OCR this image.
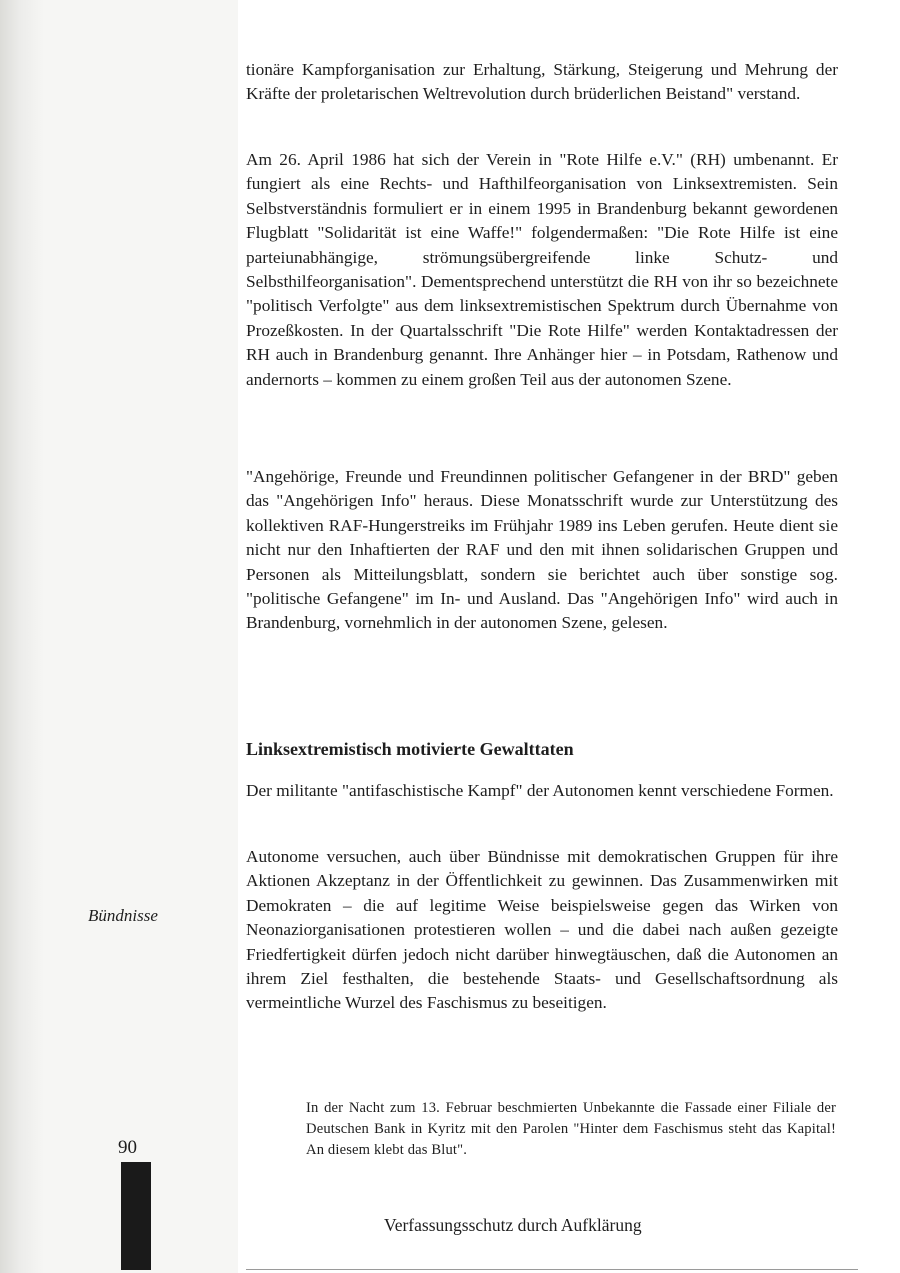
tionäre Kampforganisation zur Erhaltung, Stärkung, Steigerung und Mehrung der Kräfte der proletarischen Weltrevolution durch brüderlichen Beistand" verstand.

Am 26. April 1986 hat sich der Verein in "Rote Hilfe e.V." (RH) umbenannt. Er fungiert als eine Rechts- und Hafthilfeorganisation von Linksextremisten. Sein Selbstverständnis formuliert er in einem 1995 in Brandenburg bekannt gewordenen Flugblatt "Solidarität ist eine Waffe!" folgendermaßen: "Die Rote Hilfe ist eine parteiunabhängige, strömungsübergreifende linke Schutz- und Selbsthilfeorganisation". Dementsprechend unterstützt die RH von ihr so bezeichnete "politisch Verfolgte" aus dem linksextremistischen Spektrum durch Übernahme von Prozeßkosten. In der Quartalsschrift "Die Rote Hilfe" werden Kontaktadressen der RH auch in Brandenburg genannt. Ihre Anhänger hier – in Potsdam, Rathenow und andernorts – kommen zu einem großen Teil aus der autonomen Szene.

"Angehörige, Freunde und Freundinnen politischer Gefangener in der BRD" geben das "Angehörigen Info" heraus. Diese Monatsschrift wurde zur Unterstützung des kollektiven RAF-Hungerstreiks im Frühjahr 1989 ins Leben gerufen. Heute dient sie nicht nur den Inhaftierten der RAF und den mit ihnen solidarischen Gruppen und Personen als Mitteilungsblatt, sondern sie berichtet auch über sonstige sog. "politische Gefangene" im In- und Ausland. Das "Angehörigen Info" wird auch in Brandenburg, vornehmlich in der autonomen Szene, gelesen.

Linksextremistisch motivierte Gewalttaten

Der militante "antifaschistische Kampf" der Autonomen kennt verschiedene Formen.

Autonome versuchen, auch über Bündnisse mit demokratischen Gruppen für ihre Aktionen Akzeptanz in der Öffentlichkeit zu gewinnen. Das Zusammenwirken mit Demokraten – die auf legitime Weise beispielsweise gegen das Wirken von Neonaziorganisationen protestieren wollen – und die dabei nach außen gezeigte Friedfertigkeit dürfen jedoch nicht darüber hinwegtäuschen, daß die Autonomen an ihrem Ziel festhalten, die bestehende Staats- und Gesellschaftsordnung als vermeintliche Wurzel des Faschismus zu beseitigen.

Bündnisse

In der Nacht zum 13. Februar beschmierten Unbekannte die Fassade einer Filiale der Deutschen Bank in Kyritz mit den Parolen "Hinter dem Faschismus steht das Kapital! An diesem klebt das Blut".

90
Verfassungsschutz durch Aufklärung
